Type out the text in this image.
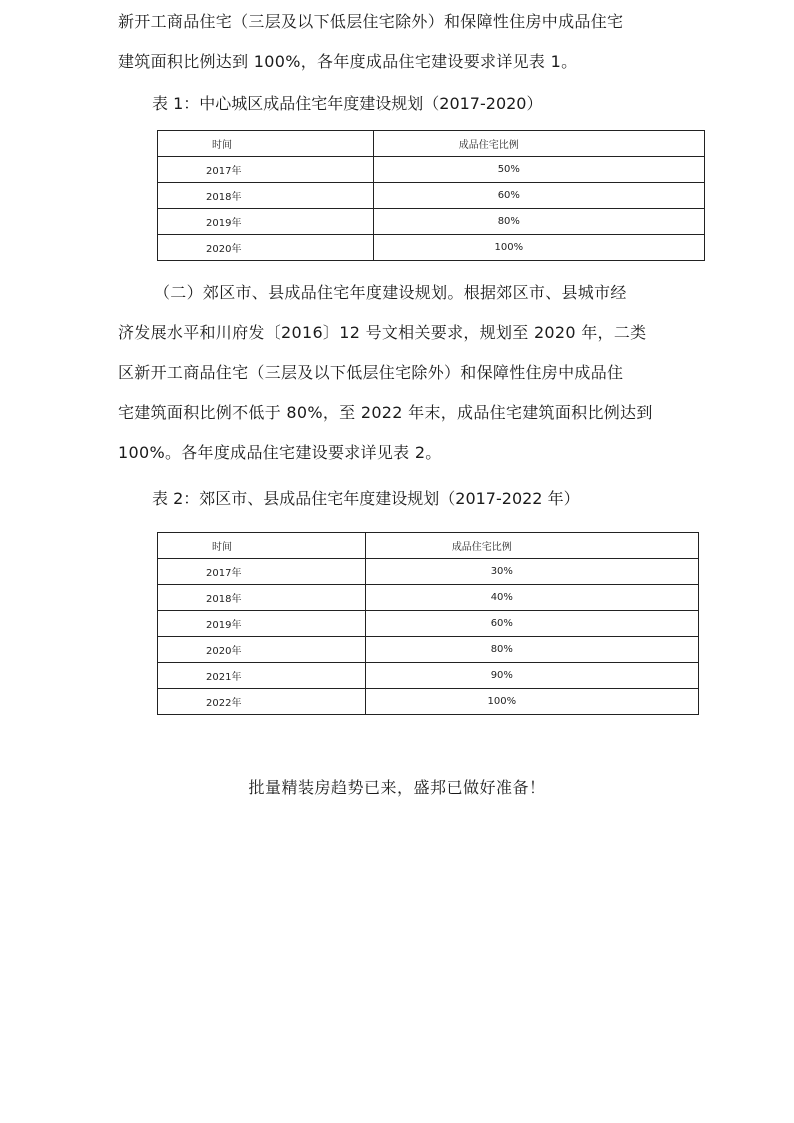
新开工商品住宅（三层及以下低层住宅除外）和保障性住房中成品住宅

建筑面积比例达到 100%，各年度成品住宅建设要求详见表 1。

表 1：中心城区成品住宅年度建设规划（2017-2020）
时间	成品住宅比例
2017年	50%
2018年	60%
2019年	80%
2020年	100%

（二）郊区市、县成品住宅年度建设规划。根据郊区市、县城市经

济发展水平和川府发〔2016〕12 号文相关要求，规划至 2020 年，二类

区新开工商品住宅（三层及以下低层住宅除外）和保障性住房中成品住

宅建筑面积比例不低于 80%，至 2022 年末，成品住宅建筑面积比例达到

100%。各年度成品住宅建设要求详见表 2。

表 2：郊区市、县成品住宅年度建设规划（2017-2022 年）
时间	成品住宅比例
2017年	30%
2018年	40%
2019年	60%
2020年	80%
2021年	90%
2022年	100%
批量精装房趋势已来，盛邦已做好准备！
